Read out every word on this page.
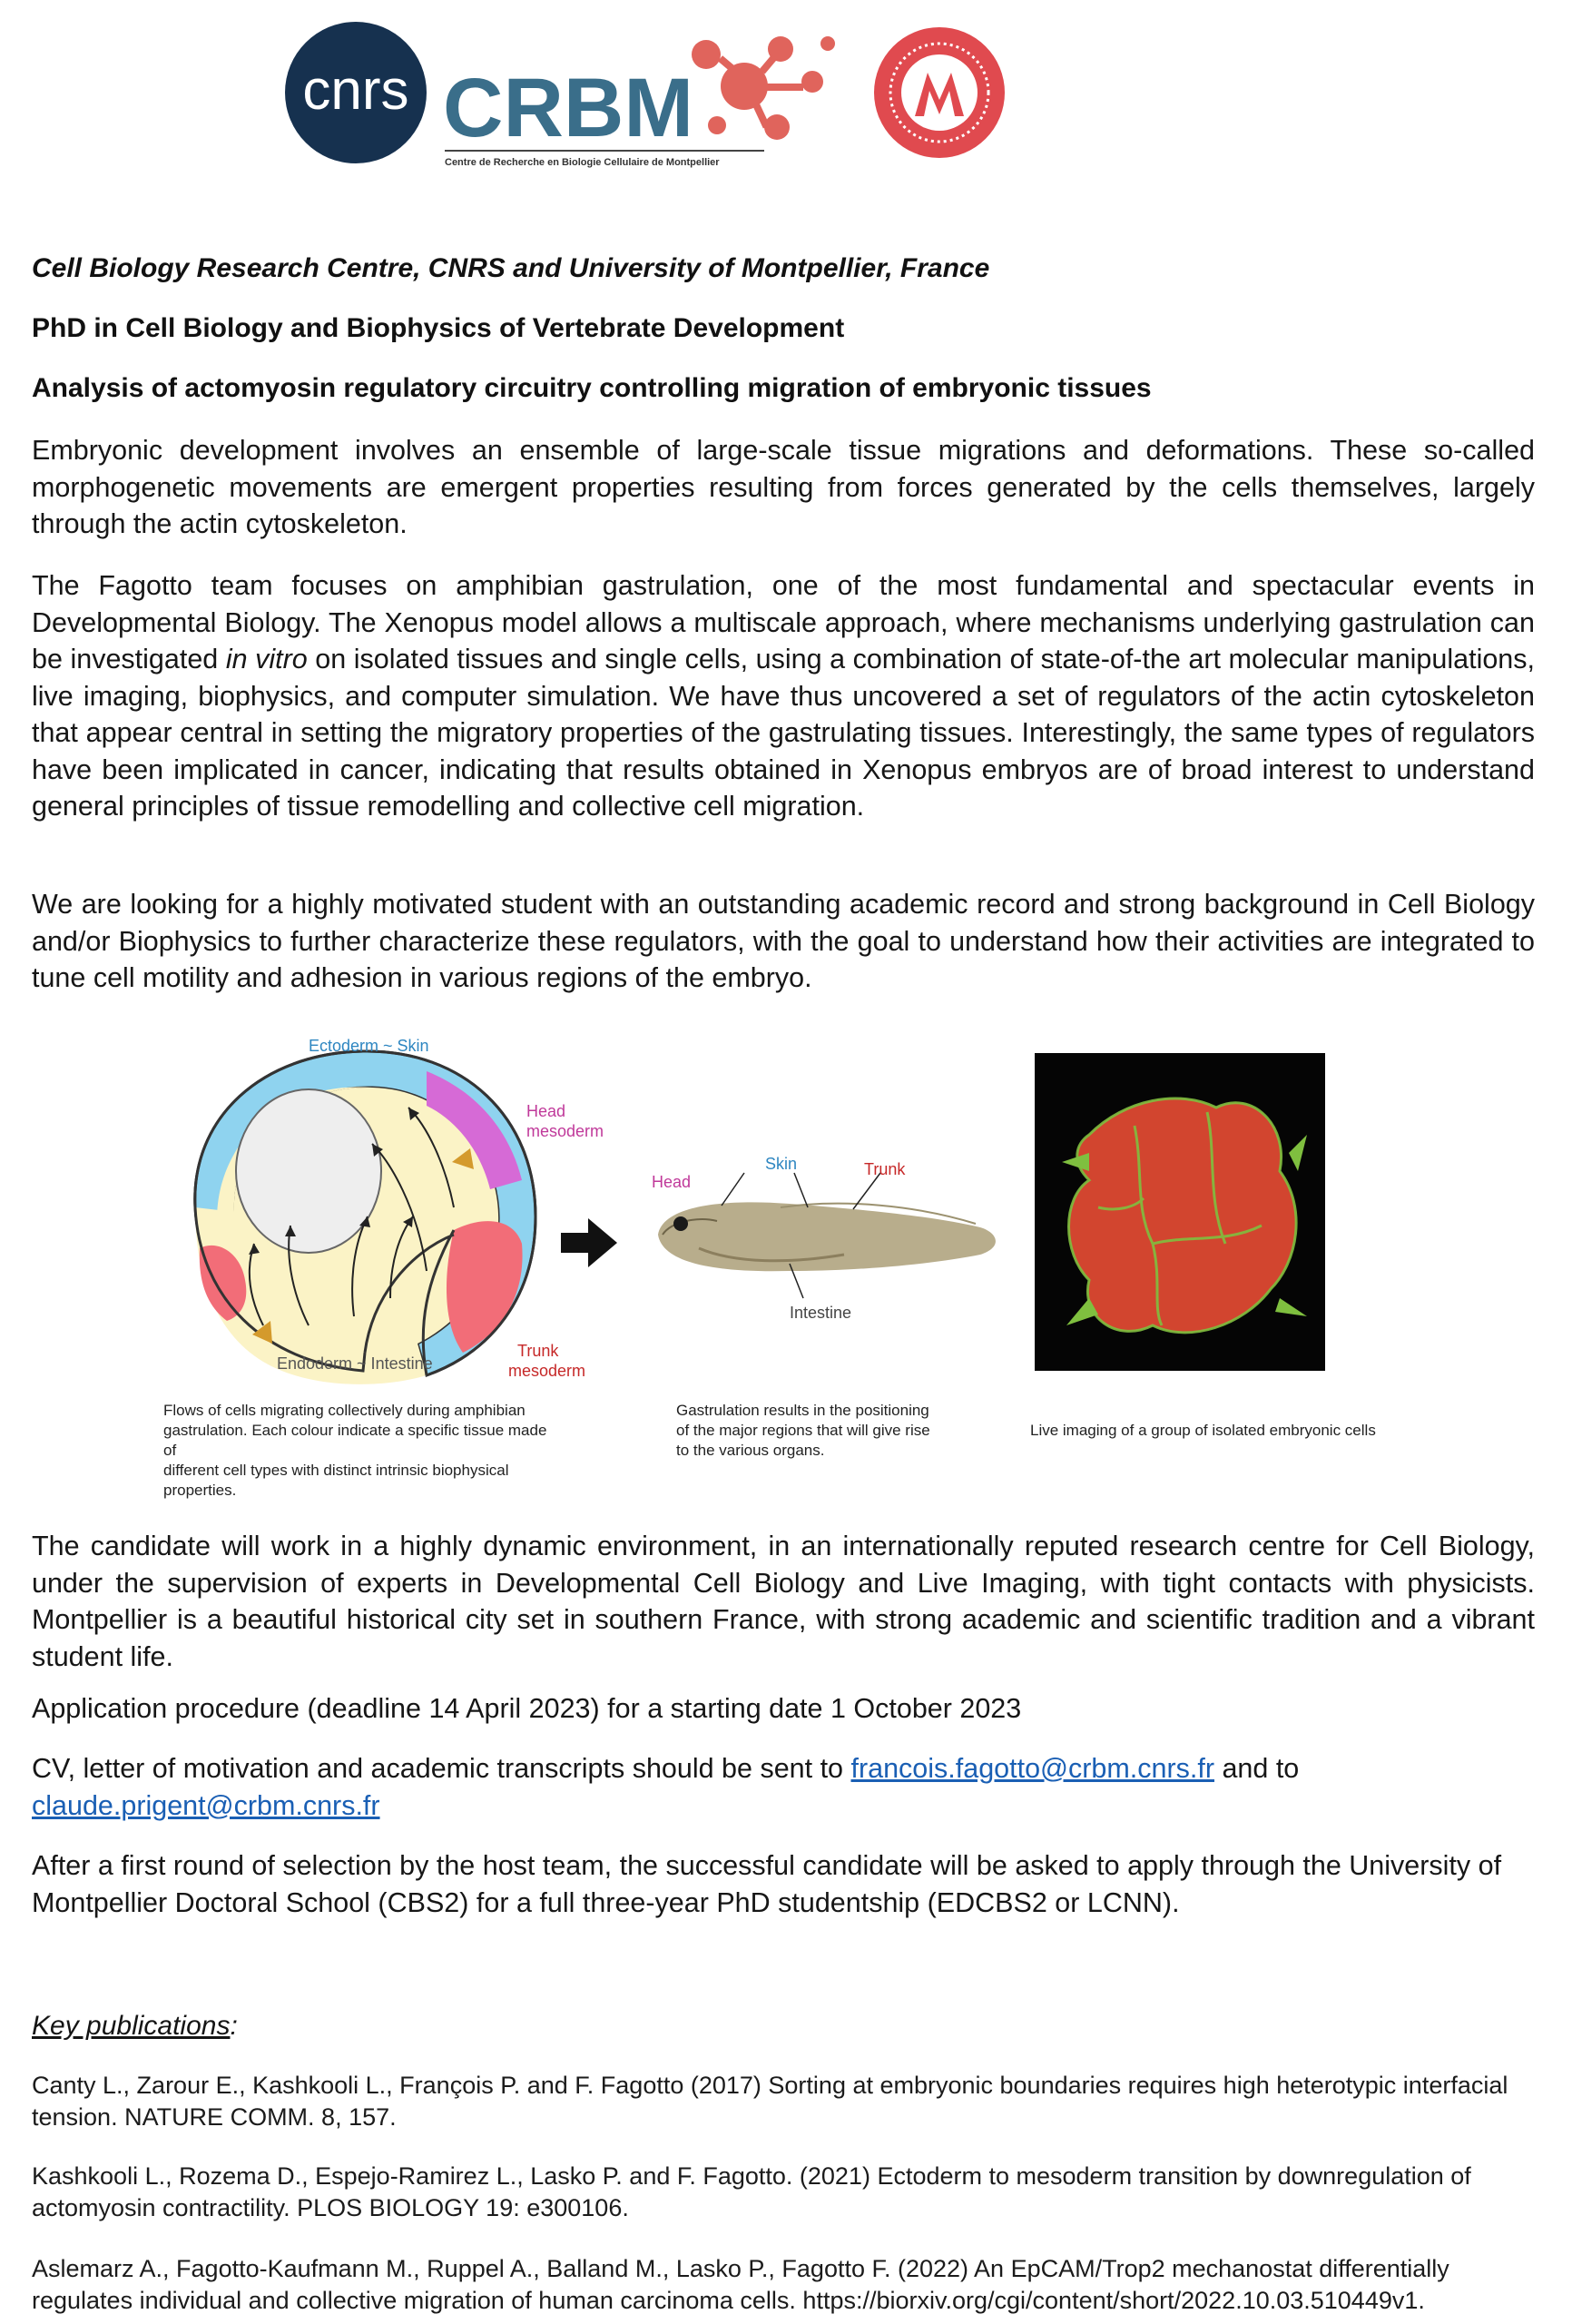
cnrs CRBM
Centre de Recherche en Biologie Cellulaire de Montpellier
Cell Biology Research Centre, CNRS and University of Montpellier, France
PhD in Cell Biology and Biophysics of Vertebrate Development
Analysis of actomyosin regulatory circuitry controlling migration of embryonic tissues

Embryonic development involves an ensemble of large-scale tissue migrations and deformations. These so-called morphogenetic movements are emergent properties resulting from forces generated by the cells themselves, largely through the actin cytoskeleton.

The Fagotto team focuses on amphibian gastrulation, one of the most fundamental and spectacular events in Developmental Biology. The Xenopus model allows a multiscale approach, where mechanisms underlying gastrulation can be investigated in vitro on isolated tissues and single cells, using a combination of state-of-the art molecular manipulations, live imaging, biophysics, and computer simulation. We have thus uncovered a set of regulators of the actin cytoskeleton that appear central in setting the migratory properties of the gastrulating tissues. Interestingly, the same types of regulators have been implicated in cancer, indicating that results obtained in Xenopus embryos are of broad interest to understand general principles of tissue remodelling and collective cell migration.

We are looking for a highly motivated student with an outstanding academic record and strong background in Cell Biology and/or Biophysics to further characterize these regulators, with the goal to understand how their activities are integrated to tune cell motility and adhesion in various regions of the embryo.

Ectoderm ~ Skin
Head
mesoderm
Endoderm ~ Intestine
Trunk
mesoderm
Head
Skin	Trunk
Intestine
Flows of cells migrating collectively during amphibian
gastrulation. Each colour indicate a specific tissue made of
different cell types with distinct intrinsic biophysical properties.
Gastrulation results in the positioning
of the major regions that will give rise
to the various organs.
Live imaging of a group of isolated embryonic cells

The candidate will work in a highly dynamic environment, in an internationally reputed research centre for Cell Biology, under the supervision of experts in Developmental Cell Biology and Live Imaging, with tight contacts with physicists. Montpellier is a beautiful historical city set in southern France, with strong academic and scientific tradition and a vibrant student life.

Application procedure (deadline 14 April 2023) for a starting date 1 October 2023

CV, letter of motivation and academic transcripts should be sent to francois.fagotto@crbm.cnrs.fr and to
claude.prigent@crbm.cnrs.fr

After a first round of selection by the host team, the successful candidate will be asked to apply through the University of Montpellier Doctoral School (CBS2) for a full three-year PhD studentship (EDCBS2 or LCNN).

Key publications:
Canty L., Zarour E., Kashkooli L., François P. and F. Fagotto (2017) Sorting at embryonic boundaries requires high heterotypic interfacial tension. NATURE COMM. 8, 157.
Kashkooli L., Rozema D., Espejo-Ramirez L., Lasko P. and F. Fagotto. (2021) Ectoderm to mesoderm transition by downregulation of actomyosin contractility. PLOS BIOLOGY 19: e300106.
Aslemarz A., Fagotto-Kaufmann M., Ruppel A., Balland M., Lasko P., Fagotto F. (2022) An EpCAM/Trop2 mechanostat differentially regulates individual and collective migration of human carcinoma cells. https://biorxiv.org/cgi/content/short/2022.10.03.510449v1.
